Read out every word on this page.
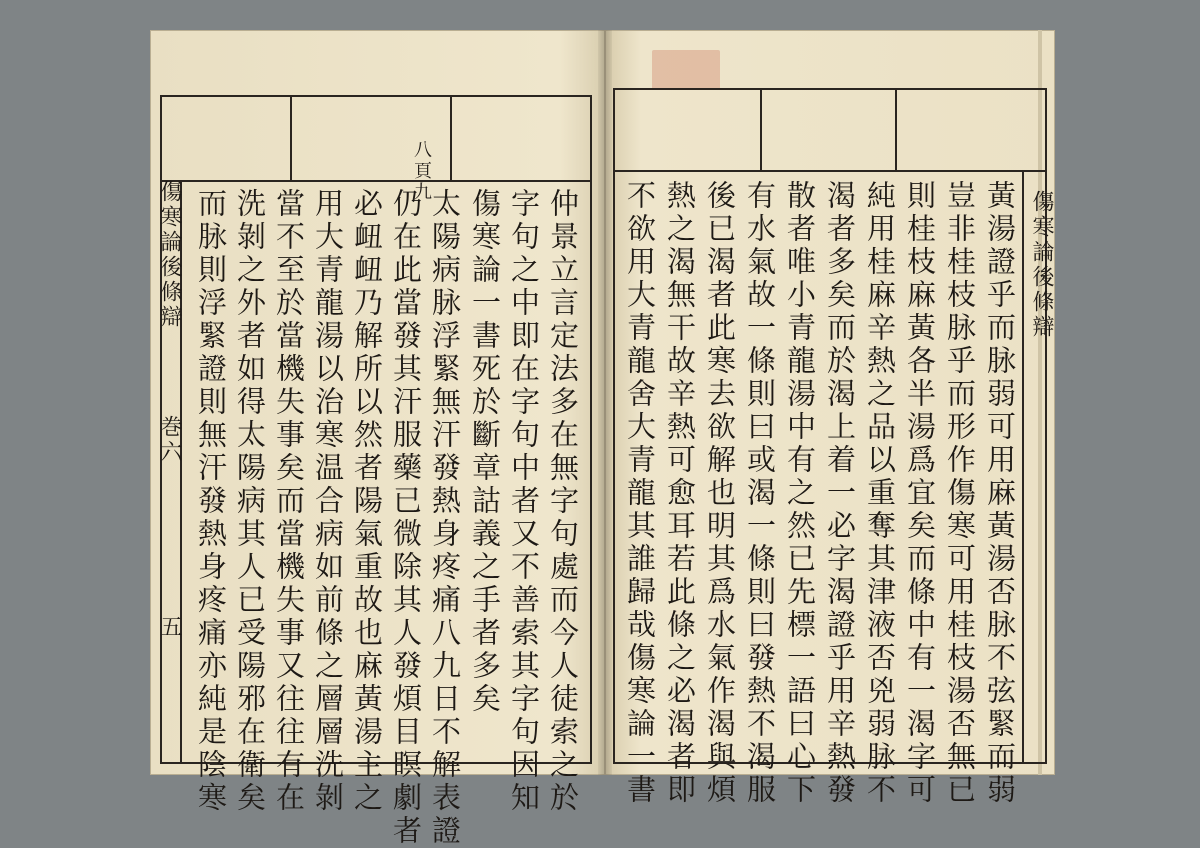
黃湯證乎而脉弱可用麻黃湯否脉不弦緊而弱
豈非桂枝脉乎而形作傷寒可用桂枝湯否無已
則桂枝麻黃各半湯爲宜矣而條中有一渴字可
純用桂麻辛熱之品以重奪其津液否兇弱脉不
渴者多矣而於渴上着一必字渴證乎用辛熱發
散者唯小青龍湯中有之然已先標一語曰心下
有水氣故一條則曰或渴一條則曰發熱不渴服
後已渴者此寒去欲解也明其爲水氣作渴與煩
熱之渴無干故辛熱可愈耳若此條之必渴者即
不欲用大青龍舍大青龍其誰歸哉傷寒論一書	傷寒論後條辯
仲景立言定法多在無字句處而今人徒索之於
字句之中即在字句中者又不善索其字句因知
傷寒論一書死於斷章詁義之手者多矣
太陽病脉浮緊無汗發熱身疼痛八九日不解表證
仍在此當發其汗服藥已微除其人發煩目瞑劇者
必衄衄乃解所以然者陽氣重故也麻黃湯主之
用大青龍湯以治寒温合病如前條之層層洗剝
當不至於當機失事矣而當機失事又往往有在
洗剝之外者如得太陽病其人已受陽邪在衛矣
而脉則浮緊證則無汗發熱身疼痛亦純是陰寒
傷寒論後條辯
巻六
五
八頁九
